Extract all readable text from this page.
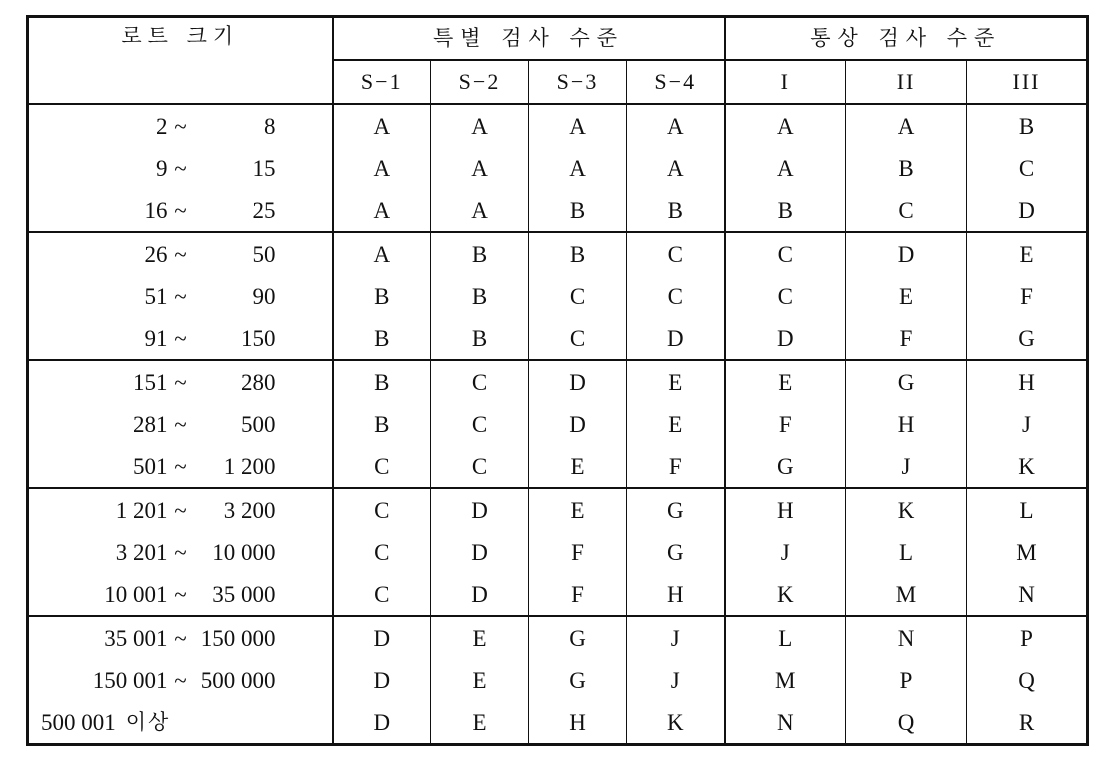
로트 크기	특별 검사 수준				통상 검사 수준		
	S−1	S−2	S−3	S−4	I	II	III

2 ~ 8	A	A	A	A	A	A	B

9 ~ 15	A	A	A	A	A	B	C

16 ~ 25	A	A	B	B	B	C	D

26 ~ 50	A	B	B	C	C	D	E

51 ~ 90	B	B	C	C	C	E	F

91 ~ 150	B	B	C	D	D	F	G

151 ~ 280	B	C	D	E	E	G	H

281 ~ 500	B	C	D	E	F	H	J

501 ~ 1 200	C	C	E	F	G	J	K

1 201 ~ 3 200	C	D	E	G	H	K	L

3 201 ~ 10 000	C	D	F	G	J	L	M

10 001 ~ 35 000	C	D	F	H	K	M	N

35 001 ~ 150 000	D	E	G	J	L	N	P

150 001 ~ 500 000	D	E	G	J	M	P	Q

500 001 이상	D	E	H	K	N	Q	R
